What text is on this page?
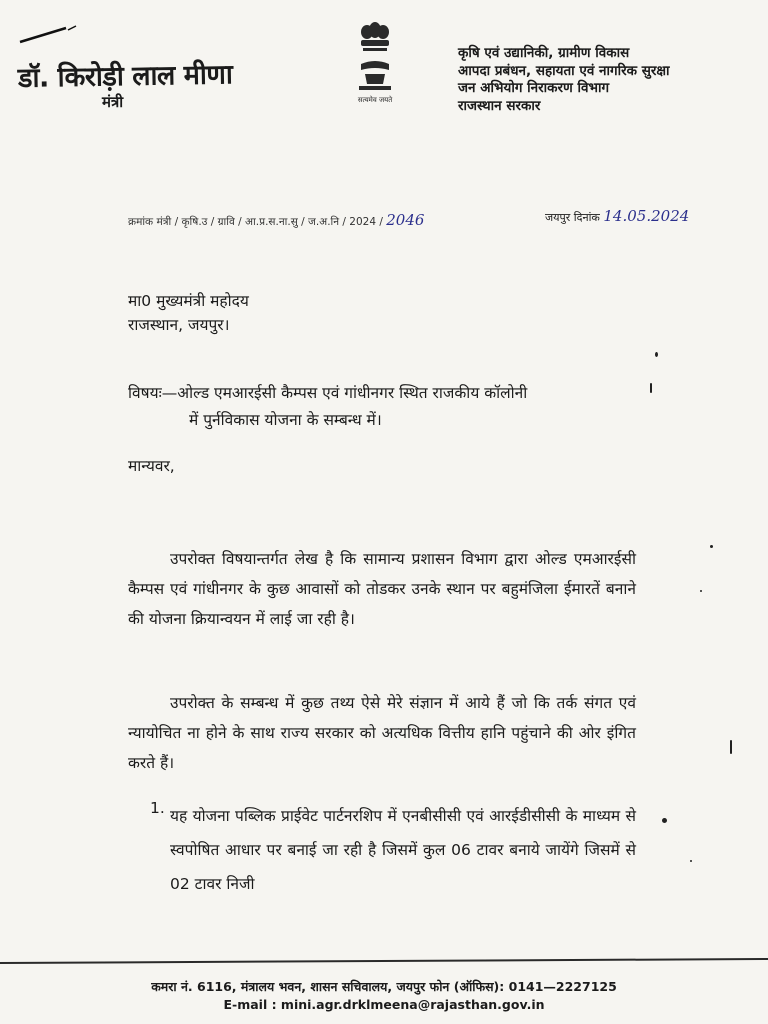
डॉ. किरोड़ी लाल मीणा
मंत्री	सत्यमेव जयते
कृषि एवं उद्यानिकी, ग्रामीण विकास
आपदा प्रबंधन, सहायता एवं नागरिक सुरक्षा
जन अभियोग निराकरण विभाग
राजस्थान सरकार
क्रमांक मंत्री / कृषि.उ / ग्रावि / आ.प्र.स.ना.सु / ज.अ.नि / 2024 / 2046	जयपुर दिनांक 14.05.2024
मा0 मुख्यमंत्री महोदय
राजस्थान, जयपुर।
विषयः—ओल्ड एमआरईसी कैम्पस एवं गांधीनगर स्थित राजकीय कॉलोनी
में पुर्नविकास योजना के सम्बन्ध में।
मान्यवर,
उपरोक्त विषयान्तर्गत लेख है कि सामान्य प्रशासन विभाग द्वारा ओल्ड एमआरईसी कैम्पस एवं गांधीनगर के कुछ आवासों को तोडकर उनके स्थान पर बहुमंजिला ईमारतें बनाने की योजना क्रियान्वयन में लाई जा रही है।
उपरोक्त के सम्बन्ध में कुछ तथ्य ऐसे मेरे संज्ञान में आये हैं जो कि तर्क संगत एवं न्यायोचित ना होने के साथ राज्य सरकार को अत्यधिक वित्तीय हानि पहुंचाने की ओर इंगित करते हैं।
1. यह योजना पब्लिक प्राईवेट पार्टनरशिप में एनबीसीसी एवं आरईडीसीसी के माध्यम से स्वपोषित आधार पर बनाई जा रही है जिसमें कुल 06 टावर बनाये जायेंगे जिसमें से 02 टावर निजी
कमरा नं. 6116, मंत्रालय भवन, शासन सचिवालय, जयपुर फोन (ऑफिस): 0141—2227125
E-mail : mini.agr.drklmeena@rajasthan.gov.in
